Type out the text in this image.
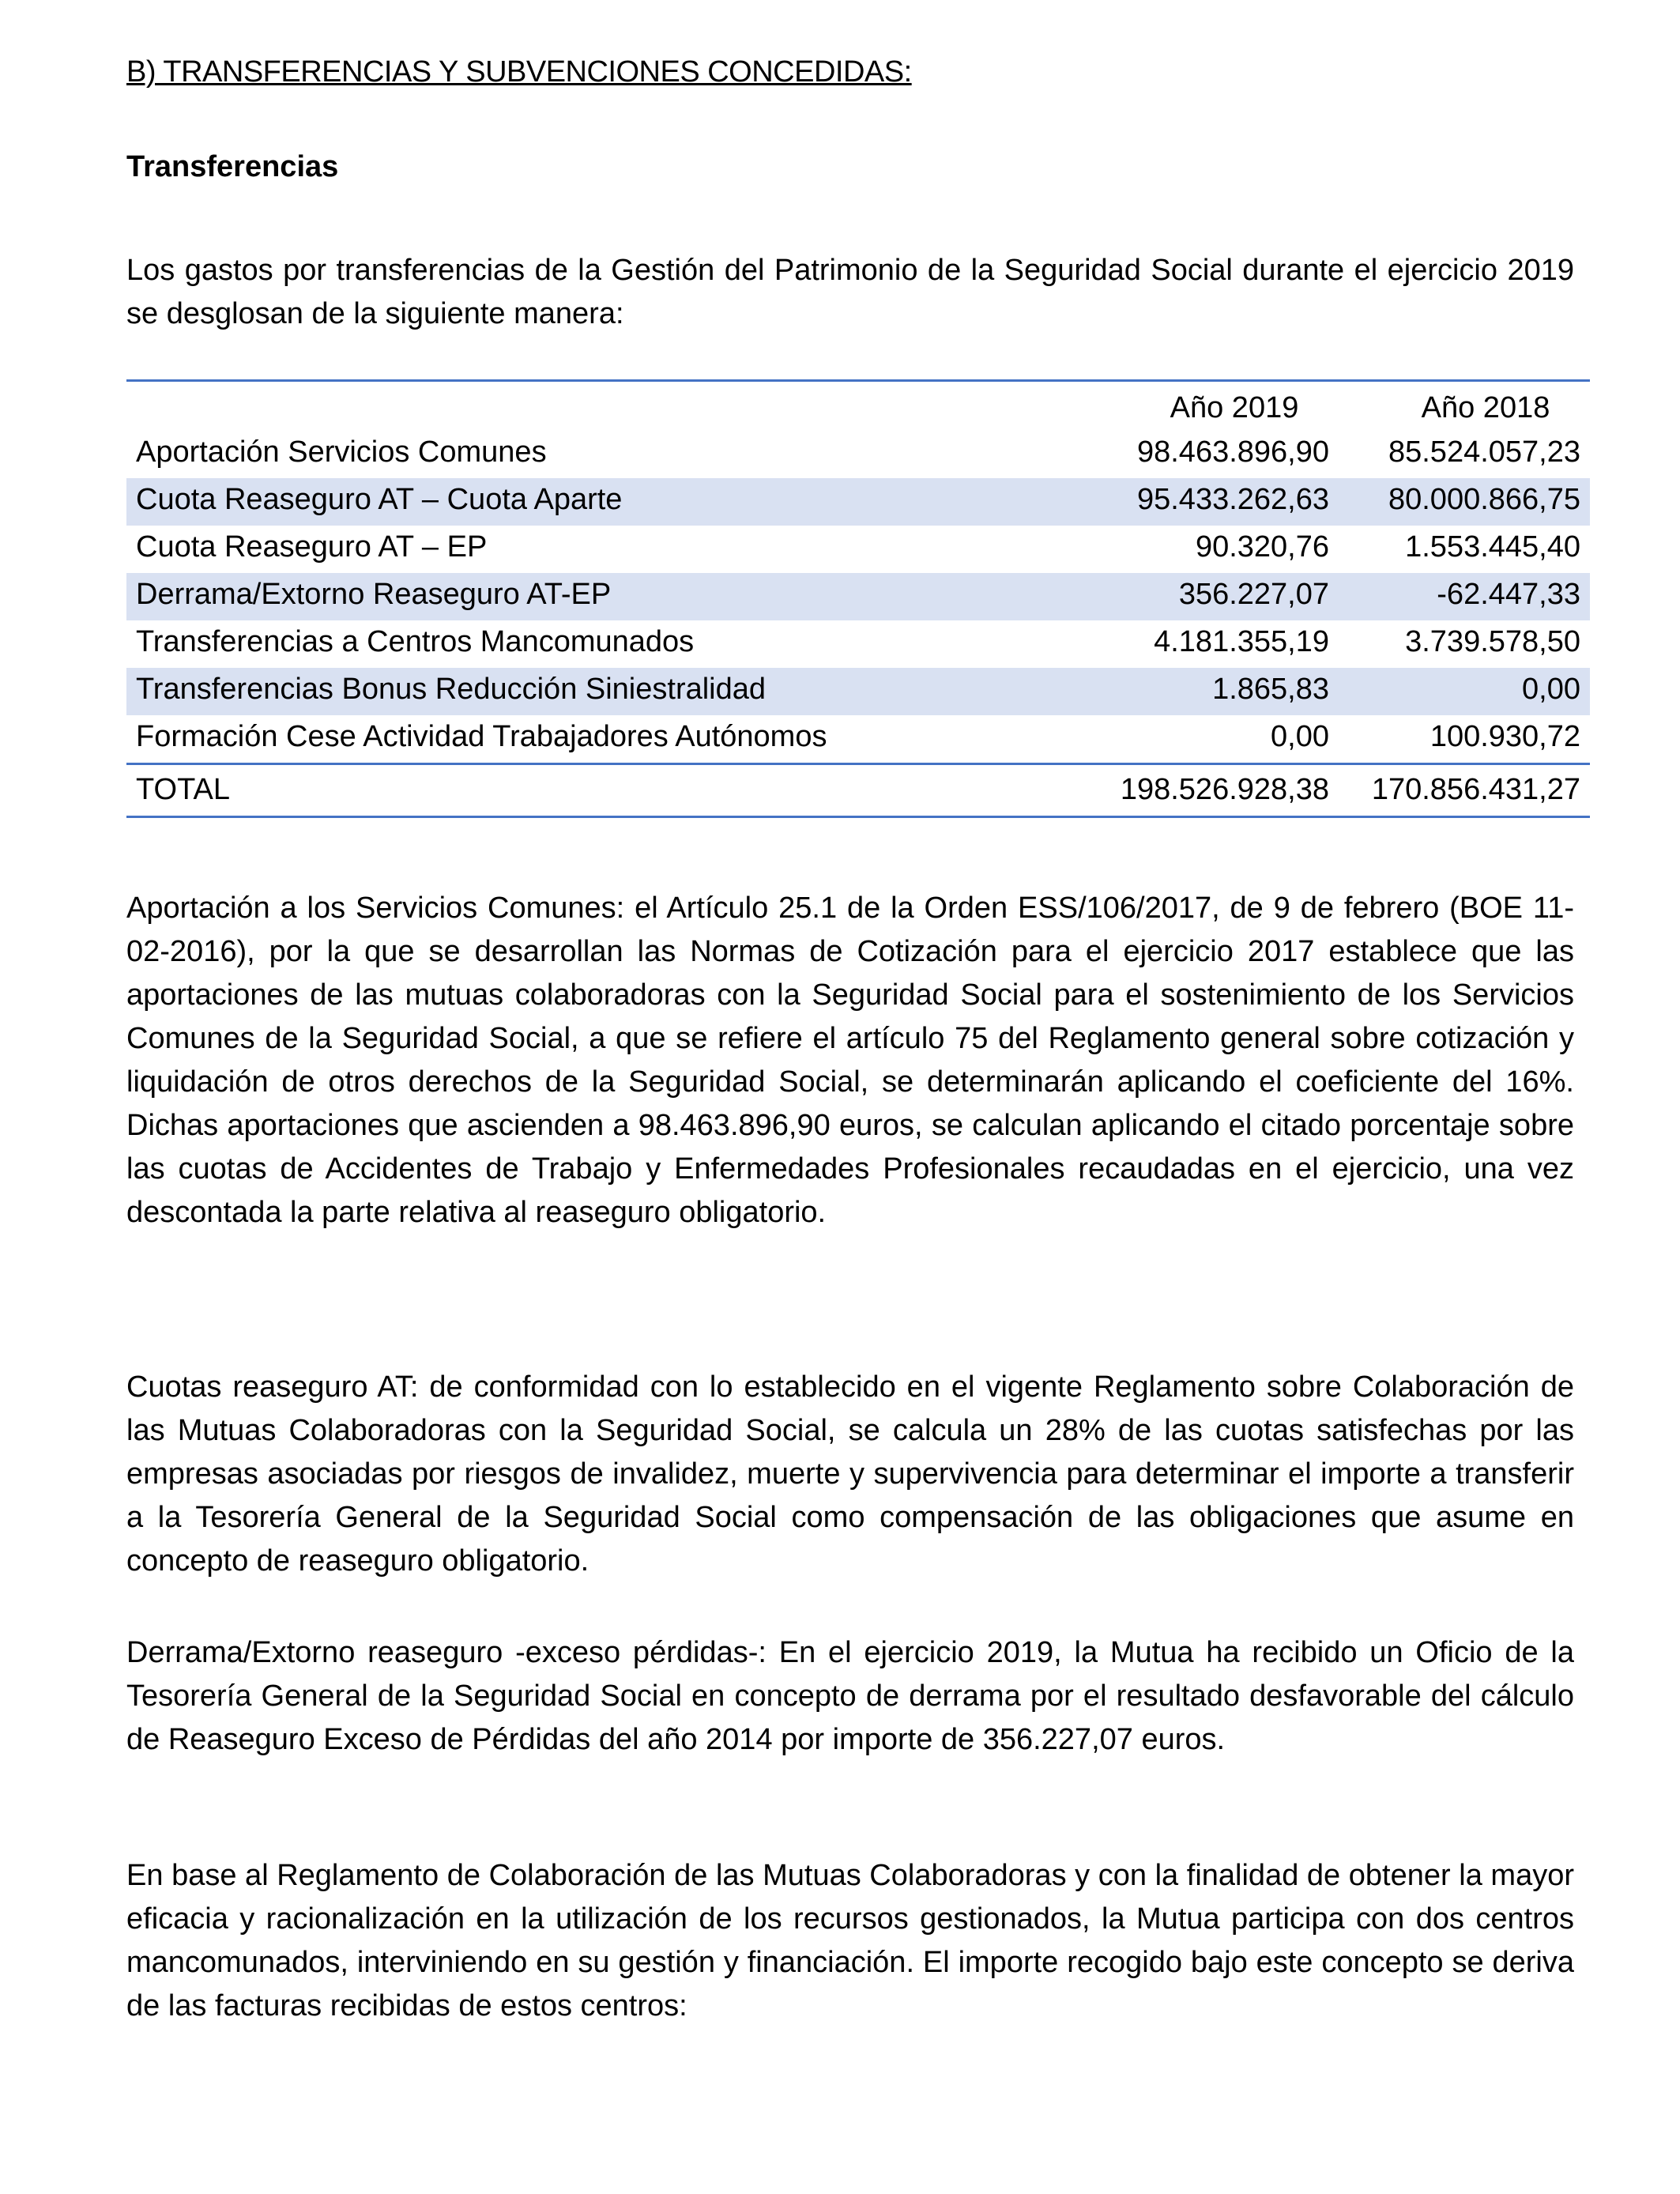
B) TRANSFERENCIAS Y SUBVENCIONES CONCEDIDAS:
Transferencias
Los gastos por transferencias de la Gestión del Patrimonio de la Seguridad Social durante el ejercicio 2019 se desglosan de la siguiente manera:
Año 2019	Año 2018
Aportación Servicios Comunes	98.463.896,90 85.524.057,23
Cuota Reaseguro AT – Cuota Aparte	95.433.262,63 80.000.866,75
Cuota Reaseguro AT – EP	90.320,76	1.553.445,40
Derrama/Extorno Reaseguro AT-EP	356.227,07	-62.447,33
Transferencias a Centros Mancomunados	4.181.355,19	3.739.578,50
Transferencias Bonus Reducción Siniestralidad	1.865,83	0,00
Formación Cese Actividad Trabajadores Autónomos	0,00	100.930,72
TOTAL	198.526.928,38 170.856.431,27
Aportación a los Servicios Comunes: el Artículo 25.1 de la Orden ESS/106/2017, de 9 de febrero (BOE 11-02-2016), por la que se desarrollan las Normas de Cotización para el ejercicio 2017 establece que las aportaciones de las mutuas colaboradoras con la Seguridad Social para el sostenimiento de los Servicios Comunes de la Seguridad Social, a que se refiere el artículo 75 del Reglamento general sobre cotización y liquidación de otros derechos de la Seguridad Social, se determinarán aplicando el coeficiente del 16%. Dichas aportaciones que ascienden a 98.463.896,90 euros, se calculan aplicando el citado porcentaje sobre las cuotas de Accidentes de Trabajo y Enfermedades Profesionales recaudadas en el ejercicio, una vez descontada la parte relativa al reaseguro obligatorio.
Cuotas reaseguro AT: de conformidad con lo establecido en el vigente Reglamento sobre Colaboración de las Mutuas Colaboradoras con la Seguridad Social, se calcula un 28% de las cuotas satisfechas por las empresas asociadas por riesgos de invalidez, muerte y supervivencia para determinar el importe a transferir a la Tesorería General de la Seguridad Social como compensación de las obligaciones que asume en concepto de reaseguro obligatorio.
Derrama/Extorno reaseguro -exceso pérdidas-: En el ejercicio 2019, la Mutua ha recibido un Oficio de la Tesorería General de la Seguridad Social en concepto de derrama por el resultado desfavorable del cálculo de Reaseguro Exceso de Pérdidas del año 2014 por importe de 356.227,07 euros.
En base al Reglamento de Colaboración de las Mutuas Colaboradoras y con la finalidad de obtener la mayor eficacia y racionalización en la utilización de los recursos gestionados, la Mutua participa con dos centros mancomunados, interviniendo en su gestión y financiación. El importe recogido bajo este concepto se deriva de las facturas recibidas de estos centros:
